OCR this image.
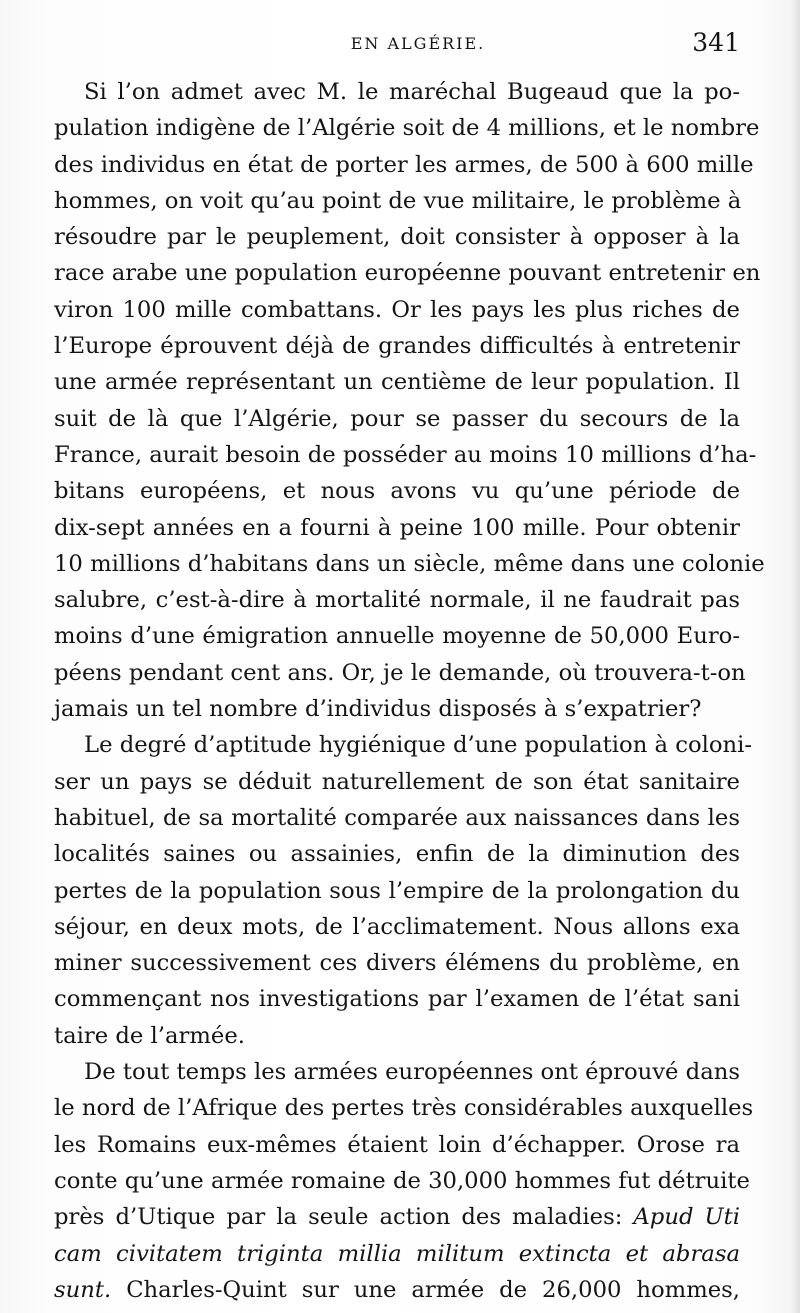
EN ALGÉRIE.	341
Si l’on admet avec M. le maréchal Bugeaud que la po-
pulation indigène de l’Algérie soit de 4 millions, et le nombre
des individus en état de porter les armes, de 500 à 600 mille
hommes, on voit qu’au point de vue militaire, le problème à
résoudre par le peuplement, doit consister à opposer à la
race arabe une population européenne pouvant entretenir en
viron 100 mille combattans. Or les pays les plus riches de
l’Europe éprouvent déjà de grandes difficultés à entretenir
une armée représentant un centième de leur population. Il
suit de là que l’Algérie, pour se passer du secours de la
France, aurait besoin de posséder au moins 10 millions d’ha-
bitans européens, et nous avons vu qu’une période de
dix-sept années en a fourni à peine 100 mille. Pour obtenir
10 millions d’habitans dans un siècle, même dans une colonie
salubre, c’est-à-dire à mortalité normale, il ne faudrait pas
moins d’une émigration annuelle moyenne de 50,000 Euro-
péens pendant cent ans. Or, je le demande, où trouvera-t-on
jamais un tel nombre d’individus disposés à s’expatrier?
Le degré d’aptitude hygiénique d’une population à coloni-
ser un pays se déduit naturellement de son état sanitaire
habituel, de sa mortalité comparée aux naissances dans les
localités saines ou assainies, enfin de la diminution des
pertes de la population sous l’empire de la prolongation du
séjour, en deux mots, de l’acclimatement. Nous allons exa
miner successivement ces divers élémens du problème, en
commençant nos investigations par l’examen de l’état sani
taire de l’armée.
De tout temps les armées européennes ont éprouvé dans
le nord de l’Afrique des pertes très considérables auxquelles
les Romains eux-mêmes étaient loin d’échapper. Orose ra
conte qu’une armée romaine de 30,000 hommes fut détruite
près d’Utique par la seule action des maladies: Apud Uti
cam civitatem triginta millia militum extincta et abrasa
sunt. Charles-Quint sur une armée de 26,000 hommes,
